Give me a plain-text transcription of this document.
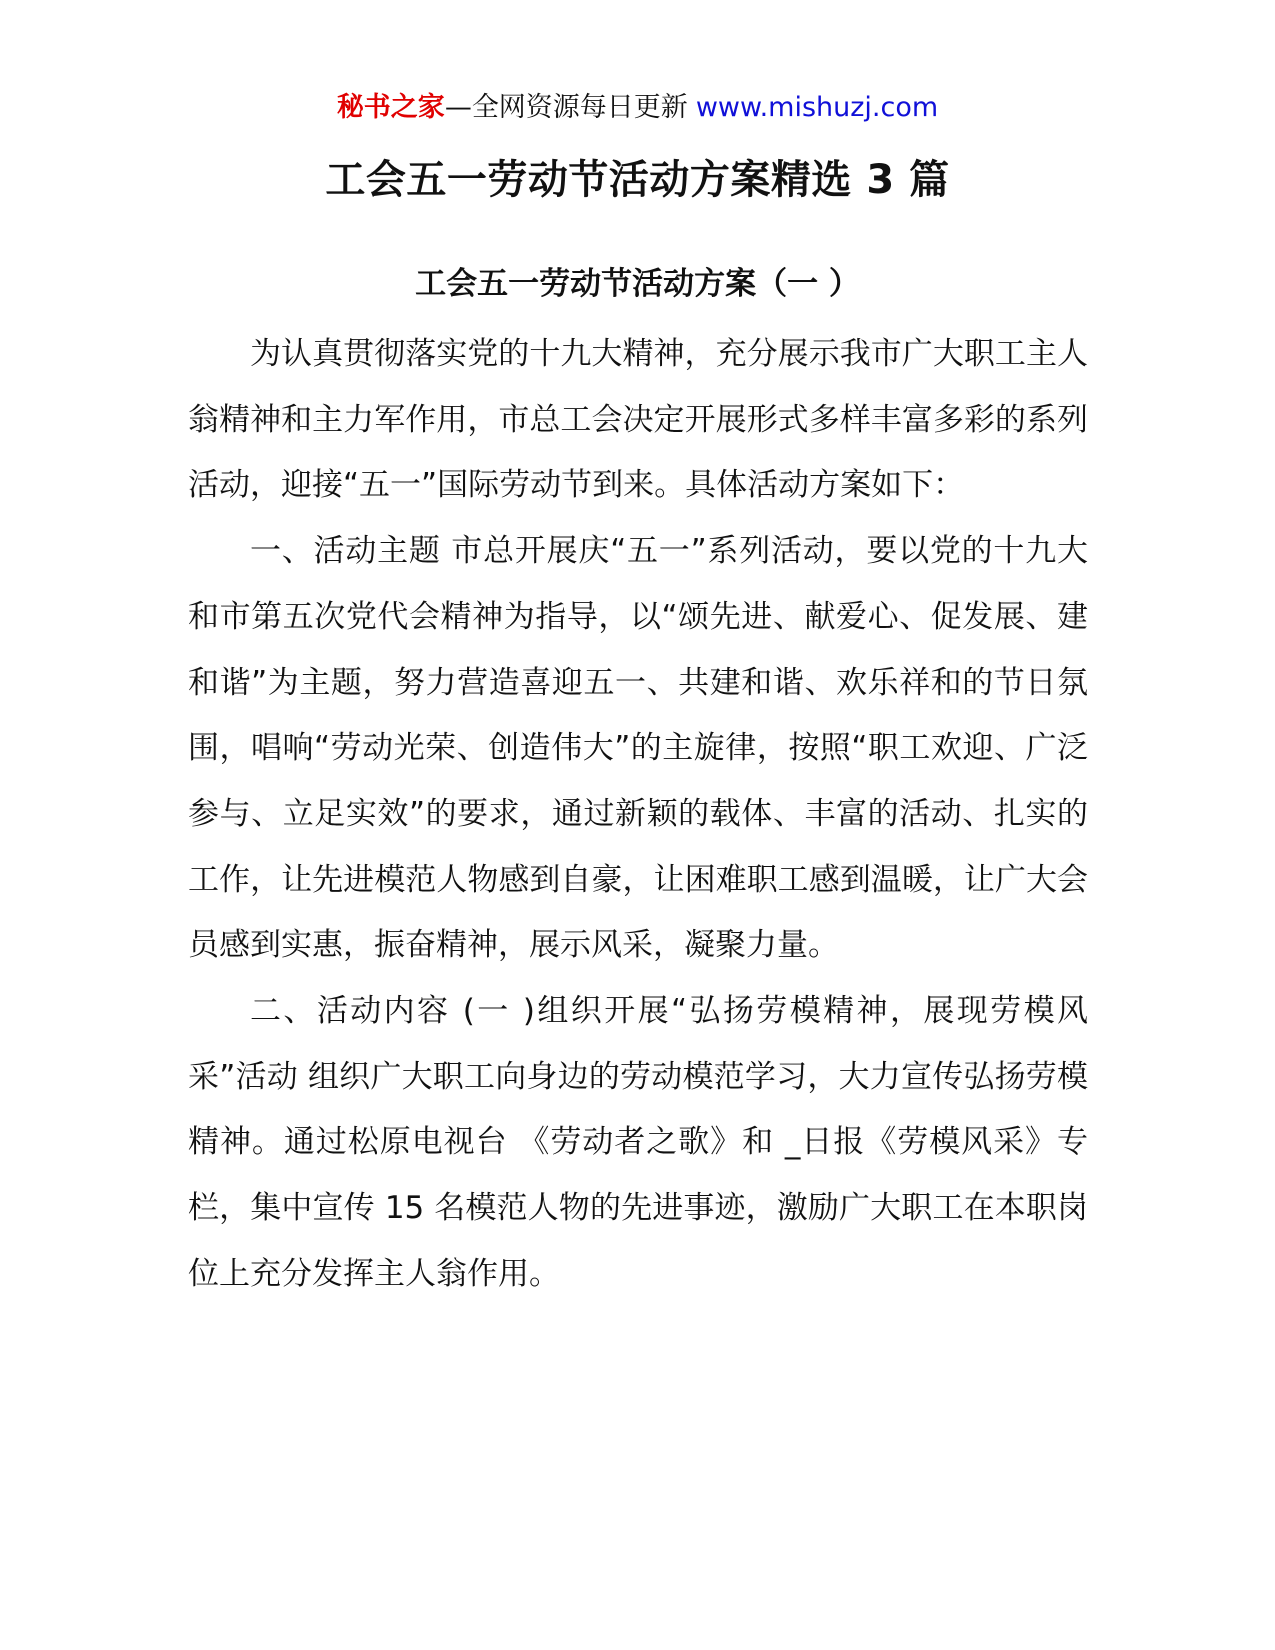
秘书之家—全网资源每日更新 www.mishuzj.com
工会五一劳动节活动方案精选 3 篇
工会五一劳动节活动方案（一 ）

为认真贯彻落实党的十九大精神，充分展示我市广大职工主人翁精神和主力军作用，市总工会决定开展形式多样丰富多彩的系列活动，迎接“五一”国际劳动节到来。具体活动方案如下：

一、活动主题 市总开展庆“五一”系列活动，要以党的十九大和市第五次党代会精神为指导，以“颂先进、献爱心、促发展、建和谐”为主题，努力营造喜迎五一、共建和谐、欢乐祥和的节日氛围，唱响“劳动光荣、创造伟大”的主旋律，按照“职工欢迎、广泛参与、立足实效”的要求，通过新颖的载体、丰富的活动、扎实的工作，让先进模范人物感到自豪，让困难职工感到温暖，让广大会员感到实惠，振奋精神，展示风采，凝聚力量。

二、活动内容 (一 )组织开展“弘扬劳模精神，展现劳模风采”活动 组织广大职工向身边的劳动模范学习，大力宣传弘扬劳模精神。通过松原电视台 《劳动者之歌》和 _日报《劳模风采》专栏，集中宣传 15 名模范人物的先进事迹，激励广大职工在本职岗位上充分发挥主人翁作用。
